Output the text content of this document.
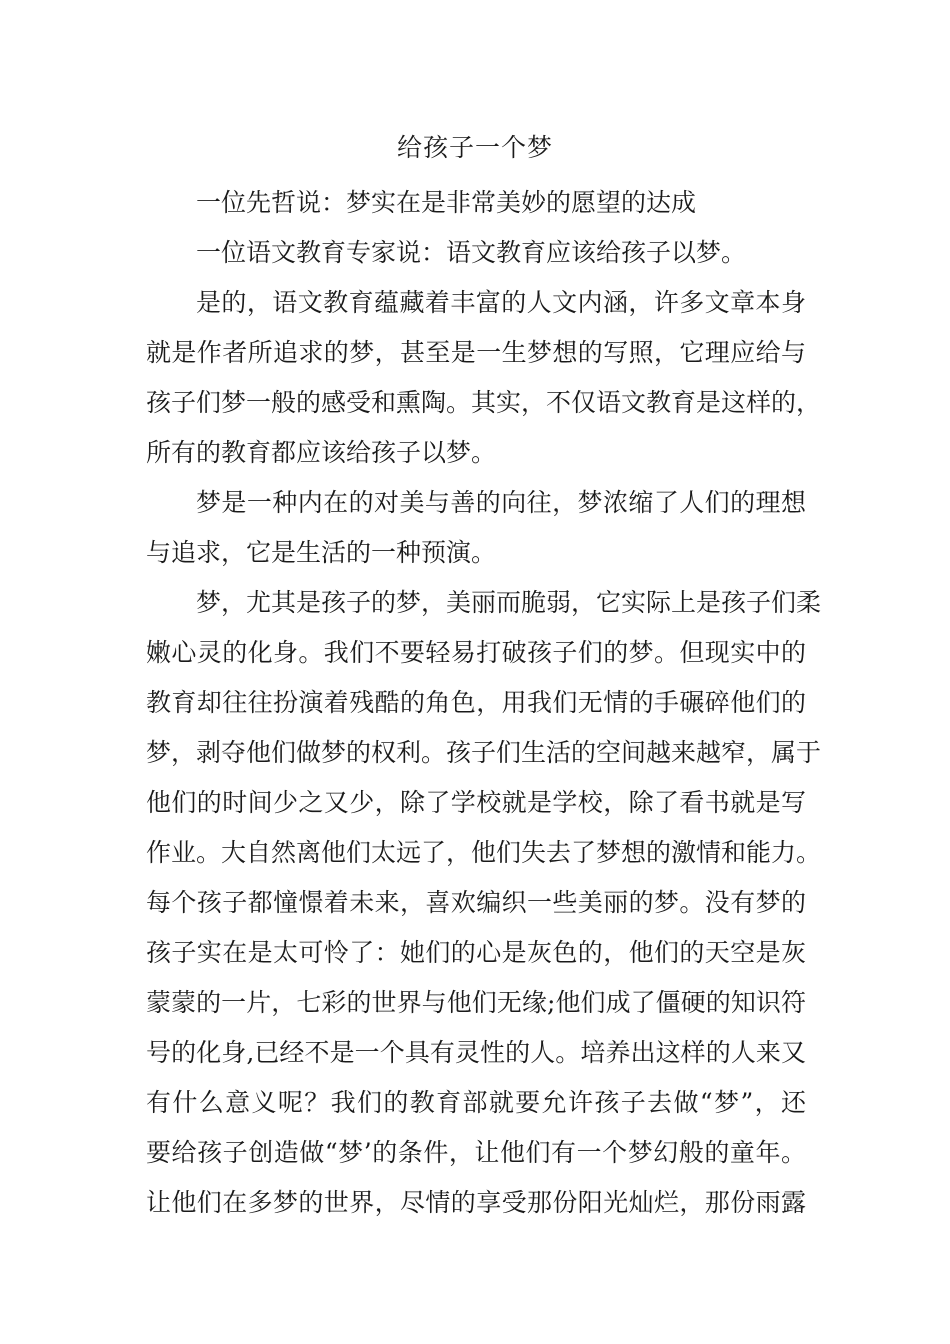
给孩子一个梦
一位先哲说：梦实在是非常美妙的愿望的达成
一位语文教育专家说：语文教育应该给孩子以梦。
是的，语文教育蕴藏着丰富的人文内涵，许多文章本身
就是作者所追求的梦，甚至是一生梦想的写照，它理应给与
孩子们梦一般的感受和熏陶。其实，不仅语文教育是这样的，
所有的教育都应该给孩子以梦。
梦是一种内在的对美与善的向往，梦浓缩了人们的理想
与追求，它是生活的一种预演。
梦，尤其是孩子的梦，美丽而脆弱，它实际上是孩子们柔
嫩心灵的化身。我们不要轻易打破孩子们的梦。但现实中的
教育却往往扮演着残酷的角色，用我们无情的手碾碎他们的
梦，剥夺他们做梦的权利。孩子们生活的空间越来越窄，属于
他们的时间少之又少，除了学校就是学校，除了看书就是写
作业。大自然离他们太远了，他们失去了梦想的激情和能力。
每个孩子都憧憬着未来，喜欢编织一些美丽的梦。没有梦的
孩子实在是太可怜了：她们的心是灰色的，他们的天空是灰
蒙蒙的一片，七彩的世界与他们无缘;他们成了僵硬的知识符
号的化身,已经不是一个具有灵性的人。培养出这样的人来又
有什么意义呢？我们的教育部就要允许孩子去做“梦”，还
要给孩子创造做“梦’的条件，让他们有一个梦幻般的童年。
让他们在多梦的世界，尽情的享受那份阳光灿烂，那份雨露
